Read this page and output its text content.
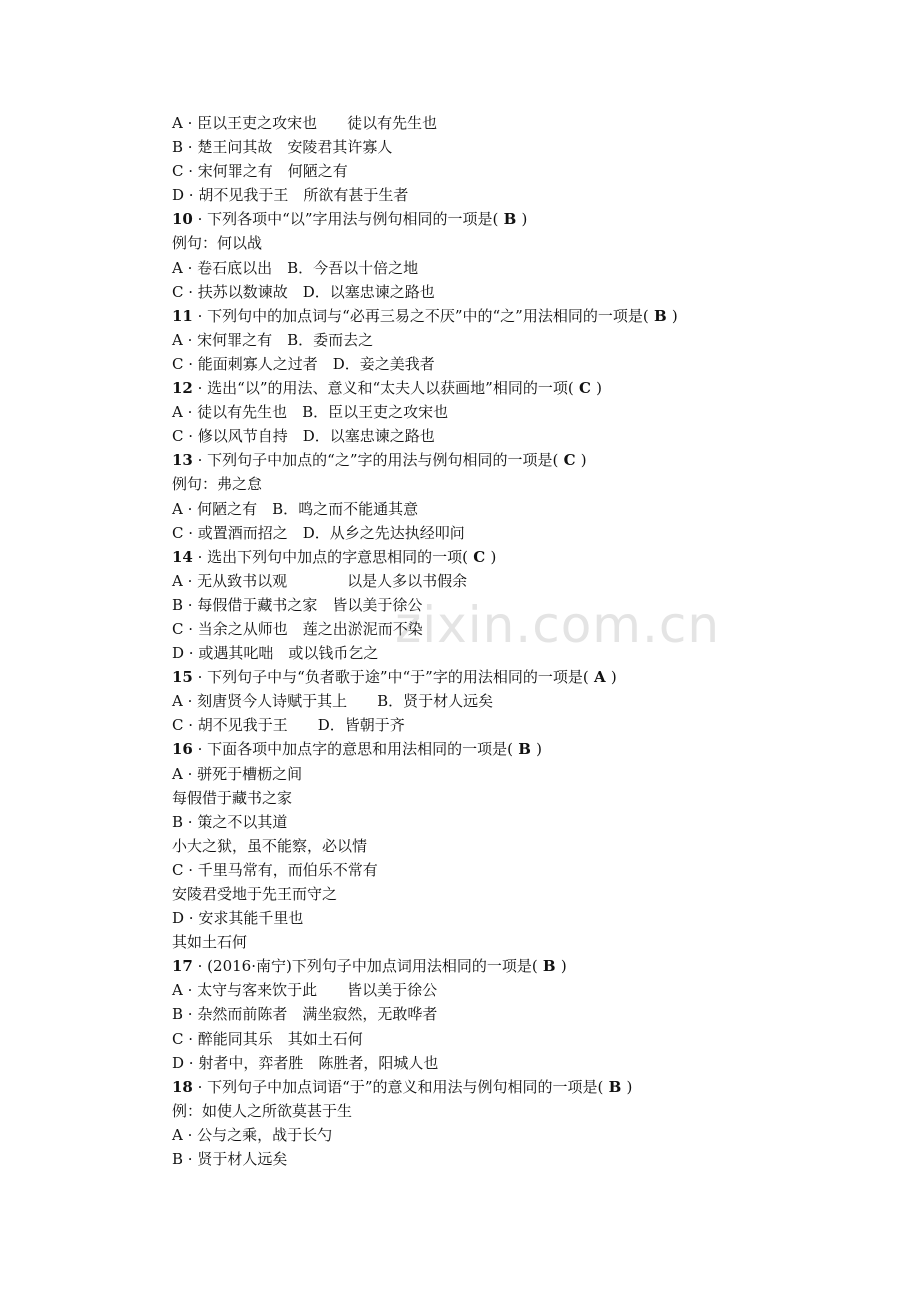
zixin.com.cn
A · 臣以王吏之攻宋也　　徒以有先生也
B · 楚王问其故　安陵君其许寡人
C · 宋何罪之有　何陋之有
D · 胡不见我于王　所欲有甚于生者
10 · 下列各项中“以”字用法与例句相同的一项是( B )
例句：何以战
A · 卷石底以出　B．今吾以十倍之地
C · 扶苏以数谏故　D．以塞忠谏之路也
11 · 下列句中的加点词与“必再三易之不厌”中的“之”用法相同的一项是( B )
A · 宋何罪之有　B．委而去之
C · 能面刺寡人之过者　D．妾之美我者
12 · 选出“以”的用法、意义和“太夫人以获画地”相同的一项( C )
A · 徒以有先生也　B．臣以王吏之攻宋也
C · 修以风节自持　D．以塞忠谏之路也
13 · 下列句子中加点的“之”字的用法与例句相同的一项是( C )
例句：弗之怠
A · 何陋之有　B．鸣之而不能通其意
C · 或置酒而招之　D．从乡之先达执经叩问
14 · 选出下列句中加点的字意思相同的一项( C )
A · 无从致书以观　　　　以是人多以书假余
B · 每假借于藏书之家　皆以美于徐公
C · 当余之从师也　莲之出淤泥而不染
D · 或遇其叱咄　或以钱币乞之
15 · 下列句子中与“负者歌于途”中“于”字的用法相同的一项是( A )
A · 刻唐贤今人诗赋于其上　　B．贤于材人远矣
C · 胡不见我于王　　D．皆朝于齐
16 · 下面各项中加点字的意思和用法相同的一项是( B )
A · 骈死于槽枥之间
每假借于藏书之家
B · 策之不以其道
小大之狱，虽不能察，必以情
C · 千里马常有，而伯乐不常有
安陵君受地于先王而守之
D · 安求其能千里也
其如土石何
17 · (2016·南宁)下列句子中加点词用法相同的一项是( B )
A · 太守与客来饮于此　　皆以美于徐公
B · 杂然而前陈者　满坐寂然，无敢哗者
C · 醉能同其乐　其如土石何
D · 射者中，弈者胜　陈胜者，阳城人也
18 · 下列句子中加点词语“于”的意义和用法与例句相同的一项是( B )
例：如使人之所欲莫甚于生
A · 公与之乘，战于长勺
B · 贤于材人远矣
